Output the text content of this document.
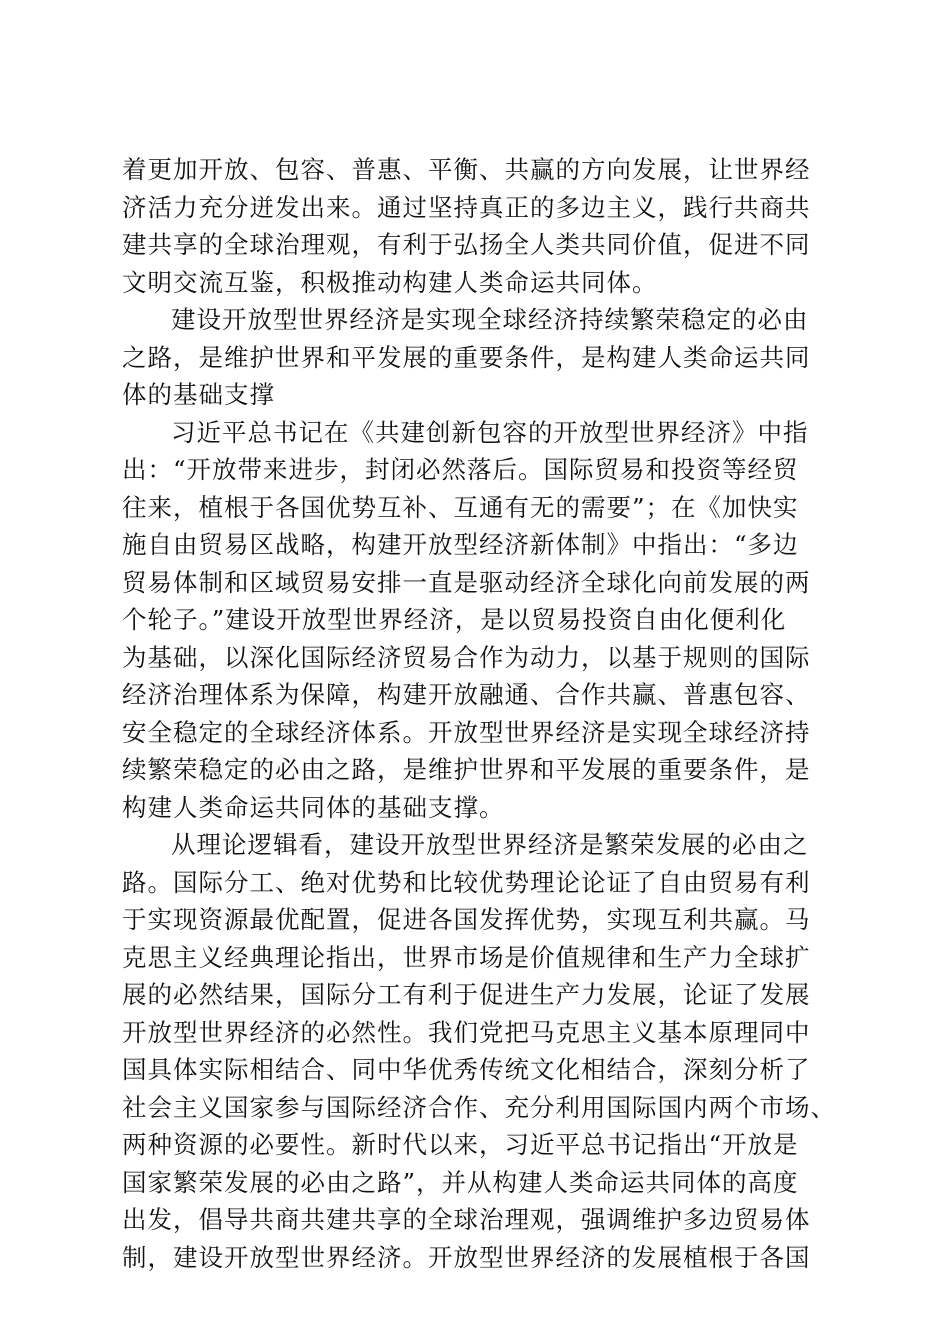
着更加开放、包容、普惠、平衡、共赢的方向发展，让世界经
济活力充分迸发出来。通过坚持真正的多边主义，践行共商共
建共享的全球治理观，有利于弘扬全人类共同价值，促进不同
文明交流互鉴，积极推动构建人类命运共同体。
建设开放型世界经济是实现全球经济持续繁荣稳定的必由
之路，是维护世界和平发展的重要条件，是构建人类命运共同
体的基础支撑
习近平总书记在《共建创新包容的开放型世界经济》中指
出：“开放带来进步，封闭必然落后。国际贸易和投资等经贸
往来，植根于各国优势互补、互通有无的需要”；在《加快实
施自由贸易区战略，构建开放型经济新体制》中指出：“多边
贸易体制和区域贸易安排一直是驱动经济全球化向前发展的两
个轮子。”建设开放型世界经济，是以贸易投资自由化便利化
为基础，以深化国际经济贸易合作为动力，以基于规则的国际
经济治理体系为保障，构建开放融通、合作共赢、普惠包容、
安全稳定的全球经济体系。开放型世界经济是实现全球经济持
续繁荣稳定的必由之路，是维护世界和平发展的重要条件，是
构建人类命运共同体的基础支撑。
从理论逻辑看，建设开放型世界经济是繁荣发展的必由之
路。国际分工、绝对优势和比较优势理论论证了自由贸易有利
于实现资源最优配置，促进各国发挥优势，实现互利共赢。马
克思主义经典理论指出，世界市场是价值规律和生产力全球扩
展的必然结果，国际分工有利于促进生产力发展，论证了发展
开放型世界经济的必然性。我们党把马克思主义基本原理同中
国具体实际相结合、同中华优秀传统文化相结合，深刻分析了
社会主义国家参与国际经济合作、充分利用国际国内两个市场、
两种资源的必要性。新时代以来，习近平总书记指出“开放是
国家繁荣发展的必由之路”，并从构建人类命运共同体的高度
出发，倡导共商共建共享的全球治理观，强调维护多边贸易体
制，建设开放型世界经济。开放型世界经济的发展植根于各国
